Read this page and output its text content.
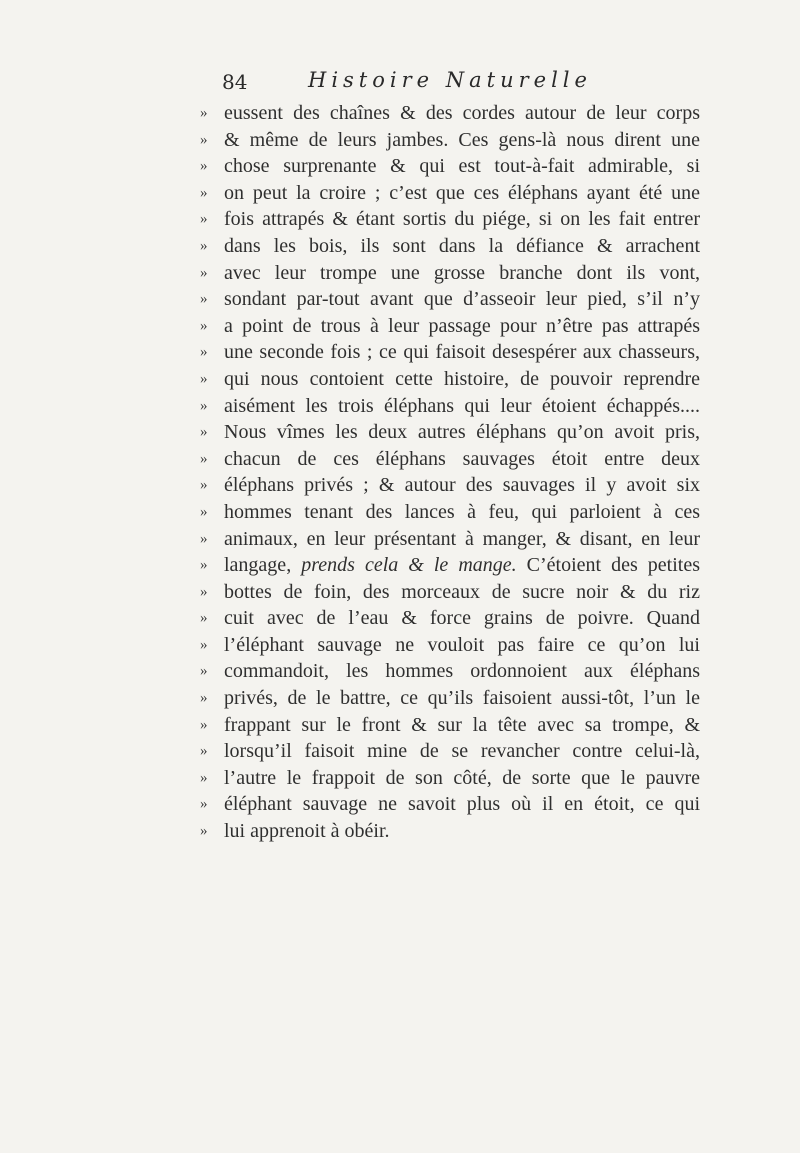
84	Histoire Naturelle
» eussent des chaînes & des cordes autour de leur corps
» & même de leurs jambes. Ces gens-là nous dirent une
» chose surprenante & qui est tout-à-fait admirable, si
» on peut la croire ; c’est que ces éléphans ayant été une
» fois attrapés & étant sortis du piége, si on les fait entrer
» dans les bois, ils sont dans la défiance & arrachent
» avec leur trompe une grosse branche dont ils vont,
» sondant par-tout avant que d’asseoir leur pied, s’il n’y
» a point de trous à leur passage pour n’être pas attrapés
» une seconde fois ; ce qui faisoit desespérer aux chasseurs,
» qui nous contoient cette histoire, de pouvoir reprendre
» aisément les trois éléphans qui leur étoient échappés....
» Nous vîmes les deux autres éléphans qu’on avoit pris,
» chacun de ces éléphans sauvages étoit entre deux
» éléphans privés ; & autour des sauvages il y avoit six
» hommes tenant des lances à feu, qui parloient à ces
» animaux, en leur présentant à manger, & disant, en leur
» langage, prends cela & le mange. C’étoient des petites
» bottes de foin, des morceaux de sucre noir & du riz
» cuit avec de l’eau & force grains de poivre. Quand
» l’éléphant sauvage ne vouloit pas faire ce qu’on lui
» commandoit, les hommes ordonnoient aux éléphans
» privés, de le battre, ce qu’ils faisoient aussi-tôt, l’un le
» frappant sur le front & sur la tête avec sa trompe, &
» lorsqu’il faisoit mine de se revancher contre celui-là,
» l’autre le frappoit de son côté, de sorte que le pauvre
» éléphant sauvage ne savoit plus où il en étoit, ce qui
» lui apprenoit à obéir.
